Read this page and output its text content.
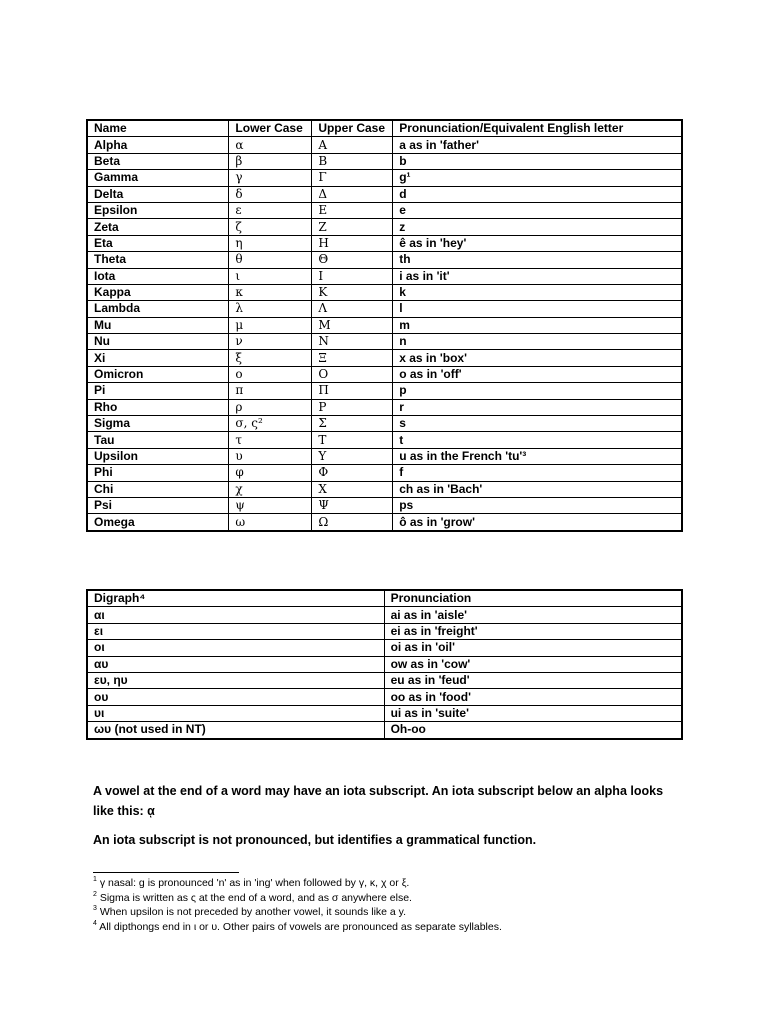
Name	Lower Case	Upper Case	Pronunciation/Equivalent English letter
Alpha	α	Α	a as in 'father'
Beta	β	Β	b
Gamma	γ	Γ	g¹
Delta	δ	Δ	d
Epsilon	ε	Ε	e
Zeta	ζ	Ζ	z
Eta	η	Η	ê as in 'hey'
Theta	θ	Θ	th
Iota	ι	Ι	i as in 'it'
Kappa	κ	Κ	k
Lambda	λ	Λ	l
Mu	μ	Μ	m
Nu	ν	Ν	n
Xi	ξ	Ξ	x as in 'box'
Omicron	ο	Ο	o as in 'off'
Pi	π	Π	p
Rho	ρ	Ρ	r
Sigma	σ, ς²	Σ	s
Tau	τ	Τ	t
Upsilon	υ	Υ	u as in the French 'tu'³
Phi	φ	Φ	f
Chi	χ	Χ	ch as in 'Bach'
Psi	ψ	Ψ	ps
Omega	ω	Ω	ô as in 'grow'
Digraph⁴	Pronunciation
αι	ai as in 'aisle'
ει	ei as in 'freight'
οι	oi as in 'oil'
αυ	ow as in 'cow'
ευ, ηυ	eu as in 'feud'
ου	oo as in 'food'
υι	ui as in 'suite'
ωυ (not used in NT)	Oh-oo
A vowel at the end of a word may have an iota subscript. An iota subscript below an alpha looks like this: ᾳ
An iota subscript is not pronounced, but identifies a grammatical function.
$^1$ γ nasal: g is pronounced 'n' as in 'ing' when followed by γ, κ, χ or ξ.
$^2$ Sigma is written as ς at the end of a word, and as σ anywhere else.
$^3$ When upsilon is not preceded by another vowel, it sounds like a y.
$^4$ All dipthongs end in ι or υ. Other pairs of vowels are pronounced as separate syllables.
